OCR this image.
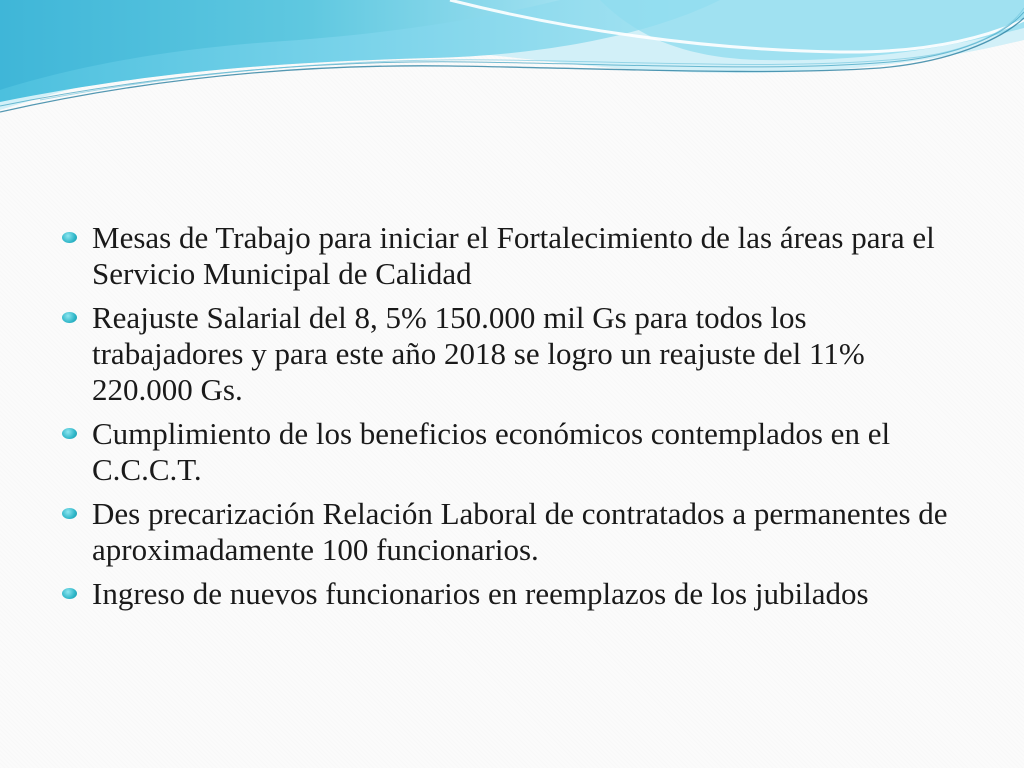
Mesas de Trabajo para iniciar el Fortalecimiento de las áreas para el Servicio Municipal de Calidad
Reajuste Salarial del 8, 5% 150.000 mil Gs para todos los trabajadores y para este año 2018 se logro un reajuste del 11% 220.000 Gs.
Cumplimiento de los beneficios económicos contemplados en el C.C.C.T.
Des precarización Relación Laboral de contratados a permanentes de aproximadamente 100 funcionarios.
Ingreso de nuevos funcionarios en reemplazos de los jubilados
